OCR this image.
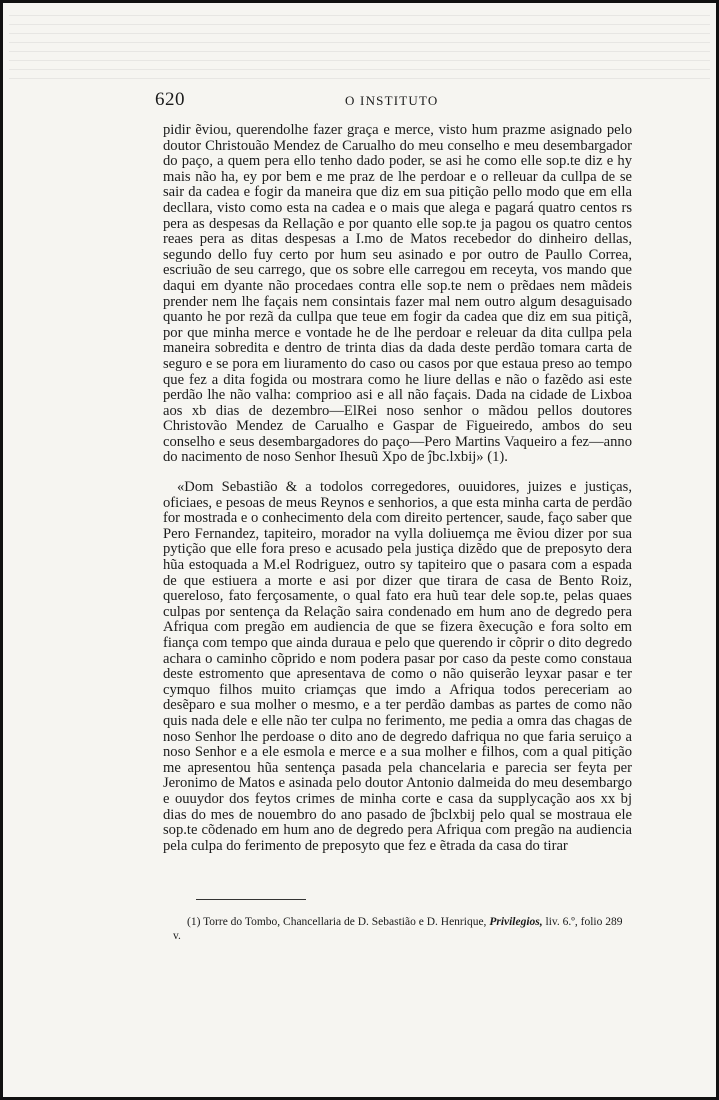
620	O INSTITUTO

pidir ẽviou, querendolhe fazer graça e merce, visto hum prazme asignado pelo doutor Christouão Mendez de Carualho do meu conselho e meu desembargador do paço, a quem pera ello tenho dado poder, se asi he como elle sop.te diz e hy mais não ha, ey por bem e me praz de lhe perdoar e o relleuar da cullpa de se sair da cadea e fogir da maneira que diz em sua pitição pello modo que em ella decllara, visto como esta na cadea e o mais que alega e pagará quatro centos rs pera as despesas da Rellação e por quanto elle sop.te ja pagou os quatro centos reaes pera as ditas despesas a I.mo de Matos recebedor do dinheiro dellas, segundo dello fuy certo por hum seu asinado e por outro de Paullo Correa, escriuão de seu carrego, que os sobre elle carregou em receyta, vos mando que daqui em dyante não procedaes contra elle sop.te nem o prẽdaes nem mãdeis prender nem lhe façais nem consintais fazer mal nem outro algum desaguisado quanto he por rezã da cullpa que teue em fogir da cadea que diz em sua pitiçã, por que minha merce e vontade he de lhe perdoar e releuar da dita cullpa pela maneira sobredita e dentro de trinta dias da dada deste perdão tomara carta de seguro e se pora em liuramento do caso ou casos por que estaua preso ao tempo que fez a dita fogida ou mostrara como he liure dellas e não o fazẽdo asi este perdão lhe não valha: comprioo asi e all não façais. Dada na cidade de Lixboa aos xb dias de dezembro—ElRei noso senhor o mãdou pellos doutores Christovão Mendez de Carualho e Gaspar de Figueiredo, ambos do seu conselho e seus desembargadores do paço—Pero Martins Vaqueiro a fez—anno do nacimento de noso Senhor Ihesuũ Xpo de ĵbc.lxbij» (1).

«Dom Sebastião & a todolos corregedores, ouuidores, juizes e justiças, oficiaes, e pesoas de meus Reynos e senhorios, a que esta minha carta de perdão for mostrada e o conhecimento dela com direito pertencer, saude, faço saber que Pero Fernandez, tapiteiro, morador na vylla doliuemça me ẽviou dizer por sua pytição que elle fora preso e acusado pela justiça dizẽdo que de preposyto dera hũa estoquada a M.el Rodriguez, outro sy tapiteiro que o pasara com a espada de que estiuera a morte e asi por dizer que tirara de casa de Bento Roiz, quereloso, fato ferçosamente, o qual fato era huũ tear dele sop.te, pelas quaes culpas por sentença da Relação saira condenado em hum ano de degredo pera Afriqua com pregão em audiencia de que se fizera ẽxecução e fora solto em fiança com tempo que ainda duraua e pelo que querendo ir cõprir o dito degredo achara o caminho cõprido e nom podera pasar por caso da peste como constaua deste estromento que apresentava de como o não quiserão leyxar pasar e ter cymquo filhos muito criamças que imdo a Afriqua todos pereceriam ao desẽparo e sua molher o mesmo, e a ter perdão dambas as partes de como não quis nada dele e elle não ter culpa no ferimento, me pedia a omra das chagas de noso Senhor lhe perdoase o dito ano de degredo dafriqua no que faria seruiço a noso Senhor e a ele esmola e merce e a sua molher e filhos, com a qual pitição me apresentou hũa sentença pasada pela chancelaria e parecia ser feyta per Jeronimo de Matos e asinada pelo doutor Antonio dalmeida do meu desembargo e ouuydor dos feytos crimes de minha corte e casa da supplycação aos xx bj dias do mes de nouembro do ano pasado de ĵbclxbij pelo qual se mostraua ele sop.te cõdenado em hum ano de degredo pera Afriqua com pregão na audiencia pela culpa do ferimento de preposyto que fez e ẽtrada da casa do tirar

(1) Torre do Tombo, Chancellaria de D. Sebastião e D. Henrique, Privilegios, liv. 6.º, folio 289 v.
